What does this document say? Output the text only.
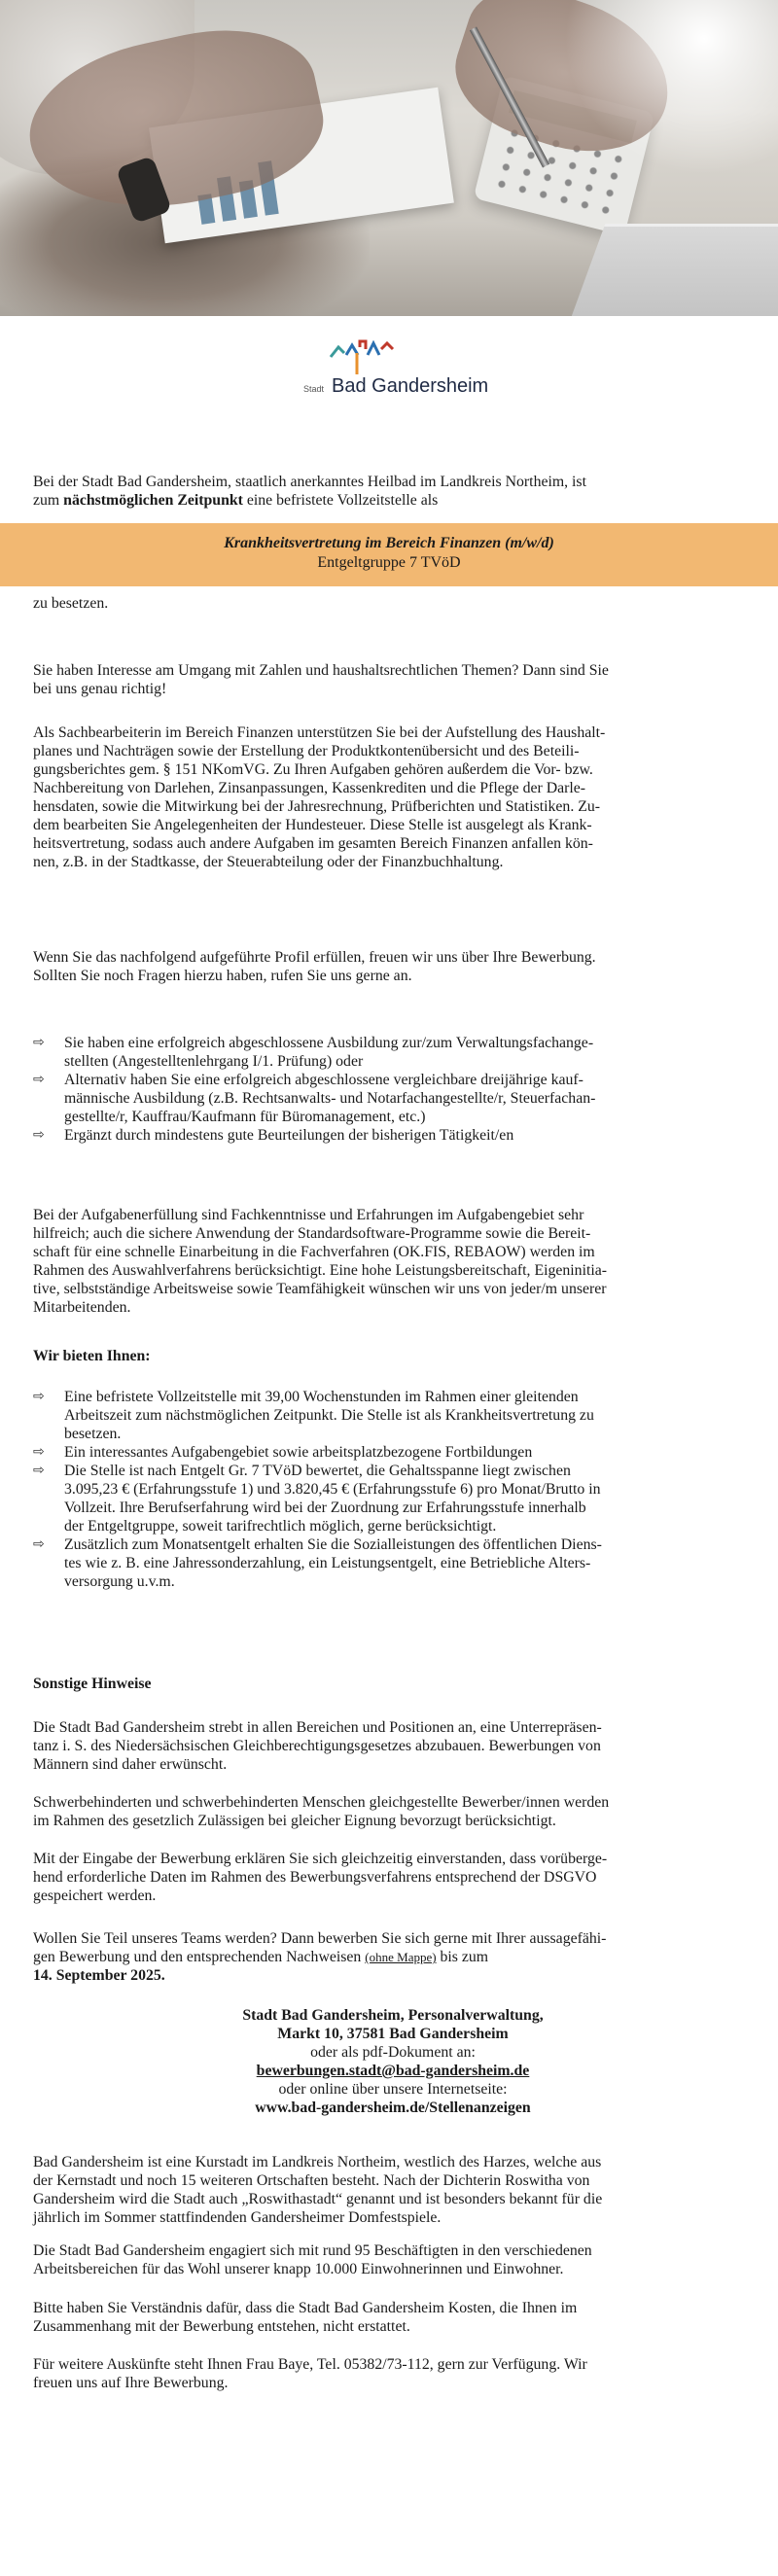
Stadt Bad Gandersheim

Bei der Stadt Bad Gandersheim, staatlich anerkanntes Heilbad im Landkreis Northeim, ist
zum nächstmöglichen Zeitpunkt eine befristete Vollzeitstelle als

Krankheitsvertretung im Bereich Finanzen (m/w/d)
Entgeltgruppe 7 TVöD

zu besetzen.

Sie haben Interesse am Umgang mit Zahlen und haushaltsrechtlichen Themen? Dann sind Sie
bei uns genau richtig!

Als Sachbearbeiterin im Bereich Finanzen unterstützen Sie bei der Aufstellung des Haushalt-
planes und Nachträgen sowie der Erstellung der Produktkontenübersicht und des Beteili-
gungsberichtes gem. § 151 NKomVG. Zu Ihren Aufgaben gehören außerdem die Vor- bzw.
Nachbereitung von Darlehen, Zinsanpassungen, Kassenkrediten und die Pflege der Darle-
hensdaten, sowie die Mitwirkung bei der Jahresrechnung, Prüfberichten und Statistiken. Zu-
dem bearbeiten Sie Angelegenheiten der Hundesteuer. Diese Stelle ist ausgelegt als Krank-
heitsvertretung, sodass auch andere Aufgaben im gesamten Bereich Finanzen anfallen kön-
nen, z.B. in der Stadtkasse, der Steuerabteilung oder der Finanzbuchhaltung.

Wenn Sie das nachfolgend aufgeführte Profil erfüllen, freuen wir uns über Ihre Bewerbung.
Sollten Sie noch Fragen hierzu haben, rufen Sie uns gerne an.

⇨ Sie haben eine erfolgreich abgeschlossene Ausbildung zur/zum Verwaltungsfachange-
stellten (Angestelltenlehrgang I/1. Prüfung) oder
⇨ Alternativ haben Sie eine erfolgreich abgeschlossene vergleichbare dreijährige kauf-
männische Ausbildung (z.B. Rechtsanwalts- und Notarfachangestellte/r, Steuerfachan-
gestellte/r, Kauffrau/Kaufmann für Büromanagement, etc.)
⇨ Ergänzt durch mindestens gute Beurteilungen der bisherigen Tätigkeit/en

Bei der Aufgabenerfüllung sind Fachkenntnisse und Erfahrungen im Aufgabengebiet sehr
hilfreich; auch die sichere Anwendung der Standardsoftware-Programme sowie die Bereit-
schaft für eine schnelle Einarbeitung in die Fachverfahren (OK.FIS, REBAOW) werden im
Rahmen des Auswahlverfahrens berücksichtigt. Eine hohe Leistungsbereitschaft, Eigeninitia-
tive, selbstständige Arbeitsweise sowie Teamfähigkeit wünschen wir uns von jeder/m unserer
Mitarbeitenden.

Wir bieten Ihnen:

⇨ Eine befristete Vollzeitstelle mit 39,00 Wochenstunden im Rahmen einer gleitenden
Arbeitszeit zum nächstmöglichen Zeitpunkt. Die Stelle ist als Krankheitsvertretung zu
besetzen.
⇨ Ein interessantes Aufgabengebiet sowie arbeitsplatzbezogene Fortbildungen
⇨ Die Stelle ist nach Entgelt Gr. 7 TVöD bewertet, die Gehaltsspanne liegt zwischen
3.095,23 € (Erfahrungsstufe 1) und 3.820,45 € (Erfahrungsstufe 6) pro Monat/Brutto in
Vollzeit. Ihre Berufserfahrung wird bei der Zuordnung zur Erfahrungsstufe innerhalb
der Entgeltgruppe, soweit tarifrechtlich möglich, gerne berücksichtigt.
⇨ Zusätzlich zum Monatsentgelt erhalten Sie die Sozialleistungen des öffentlichen Diens-
tes wie z. B. eine Jahressonderzahlung, ein Leistungsentgelt, eine Betriebliche Alters-
versorgung u.v.m.

Sonstige Hinweise

Die Stadt Bad Gandersheim strebt in allen Bereichen und Positionen an, eine Unterrepräsen-
tanz i. S. des Niedersächsischen Gleichberechtigungsgesetzes abzubauen. Bewerbungen von
Männern sind daher erwünscht.

Schwerbehinderten und schwerbehinderten Menschen gleichgestellte Bewerber/innen werden
im Rahmen des gesetzlich Zulässigen bei gleicher Eignung bevorzugt berücksichtigt.

Mit der Eingabe der Bewerbung erklären Sie sich gleichzeitig einverstanden, dass vorüberge-
hend erforderliche Daten im Rahmen des Bewerbungsverfahrens entsprechend der DSGVO
gespeichert werden.

Wollen Sie Teil unseres Teams werden? Dann bewerben Sie sich gerne mit Ihrer aussagefähi-
gen Bewerbung und den entsprechenden Nachweisen (ohne Mappe) bis zum
14. September 2025.

Stadt Bad Gandersheim, Personalverwaltung,
Markt 10, 37581 Bad Gandersheim
oder als pdf-Dokument an:
bewerbungen.stadt@bad-gandersheim.de
oder online über unsere Internetseite:
www.bad-gandersheim.de/Stellenanzeigen

Bad Gandersheim ist eine Kurstadt im Landkreis Northeim, westlich des Harzes, welche aus
der Kernstadt und noch 15 weiteren Ortschaften besteht. Nach der Dichterin Roswitha von
Gandersheim wird die Stadt auch „Roswithastadt“ genannt und ist besonders bekannt für die
jährlich im Sommer stattfindenden Gandersheimer Domfestspiele.

Die Stadt Bad Gandersheim engagiert sich mit rund 95 Beschäftigten in den verschiedenen
Arbeitsbereichen für das Wohl unserer knapp 10.000 Einwohnerinnen und Einwohner.

Bitte haben Sie Verständnis dafür, dass die Stadt Bad Gandersheim Kosten, die Ihnen im
Zusammenhang mit der Bewerbung entstehen, nicht erstattet.

Für weitere Auskünfte steht Ihnen Frau Baye, Tel. 05382/73-112, gern zur Verfügung. Wir
freuen uns auf Ihre Bewerbung.
